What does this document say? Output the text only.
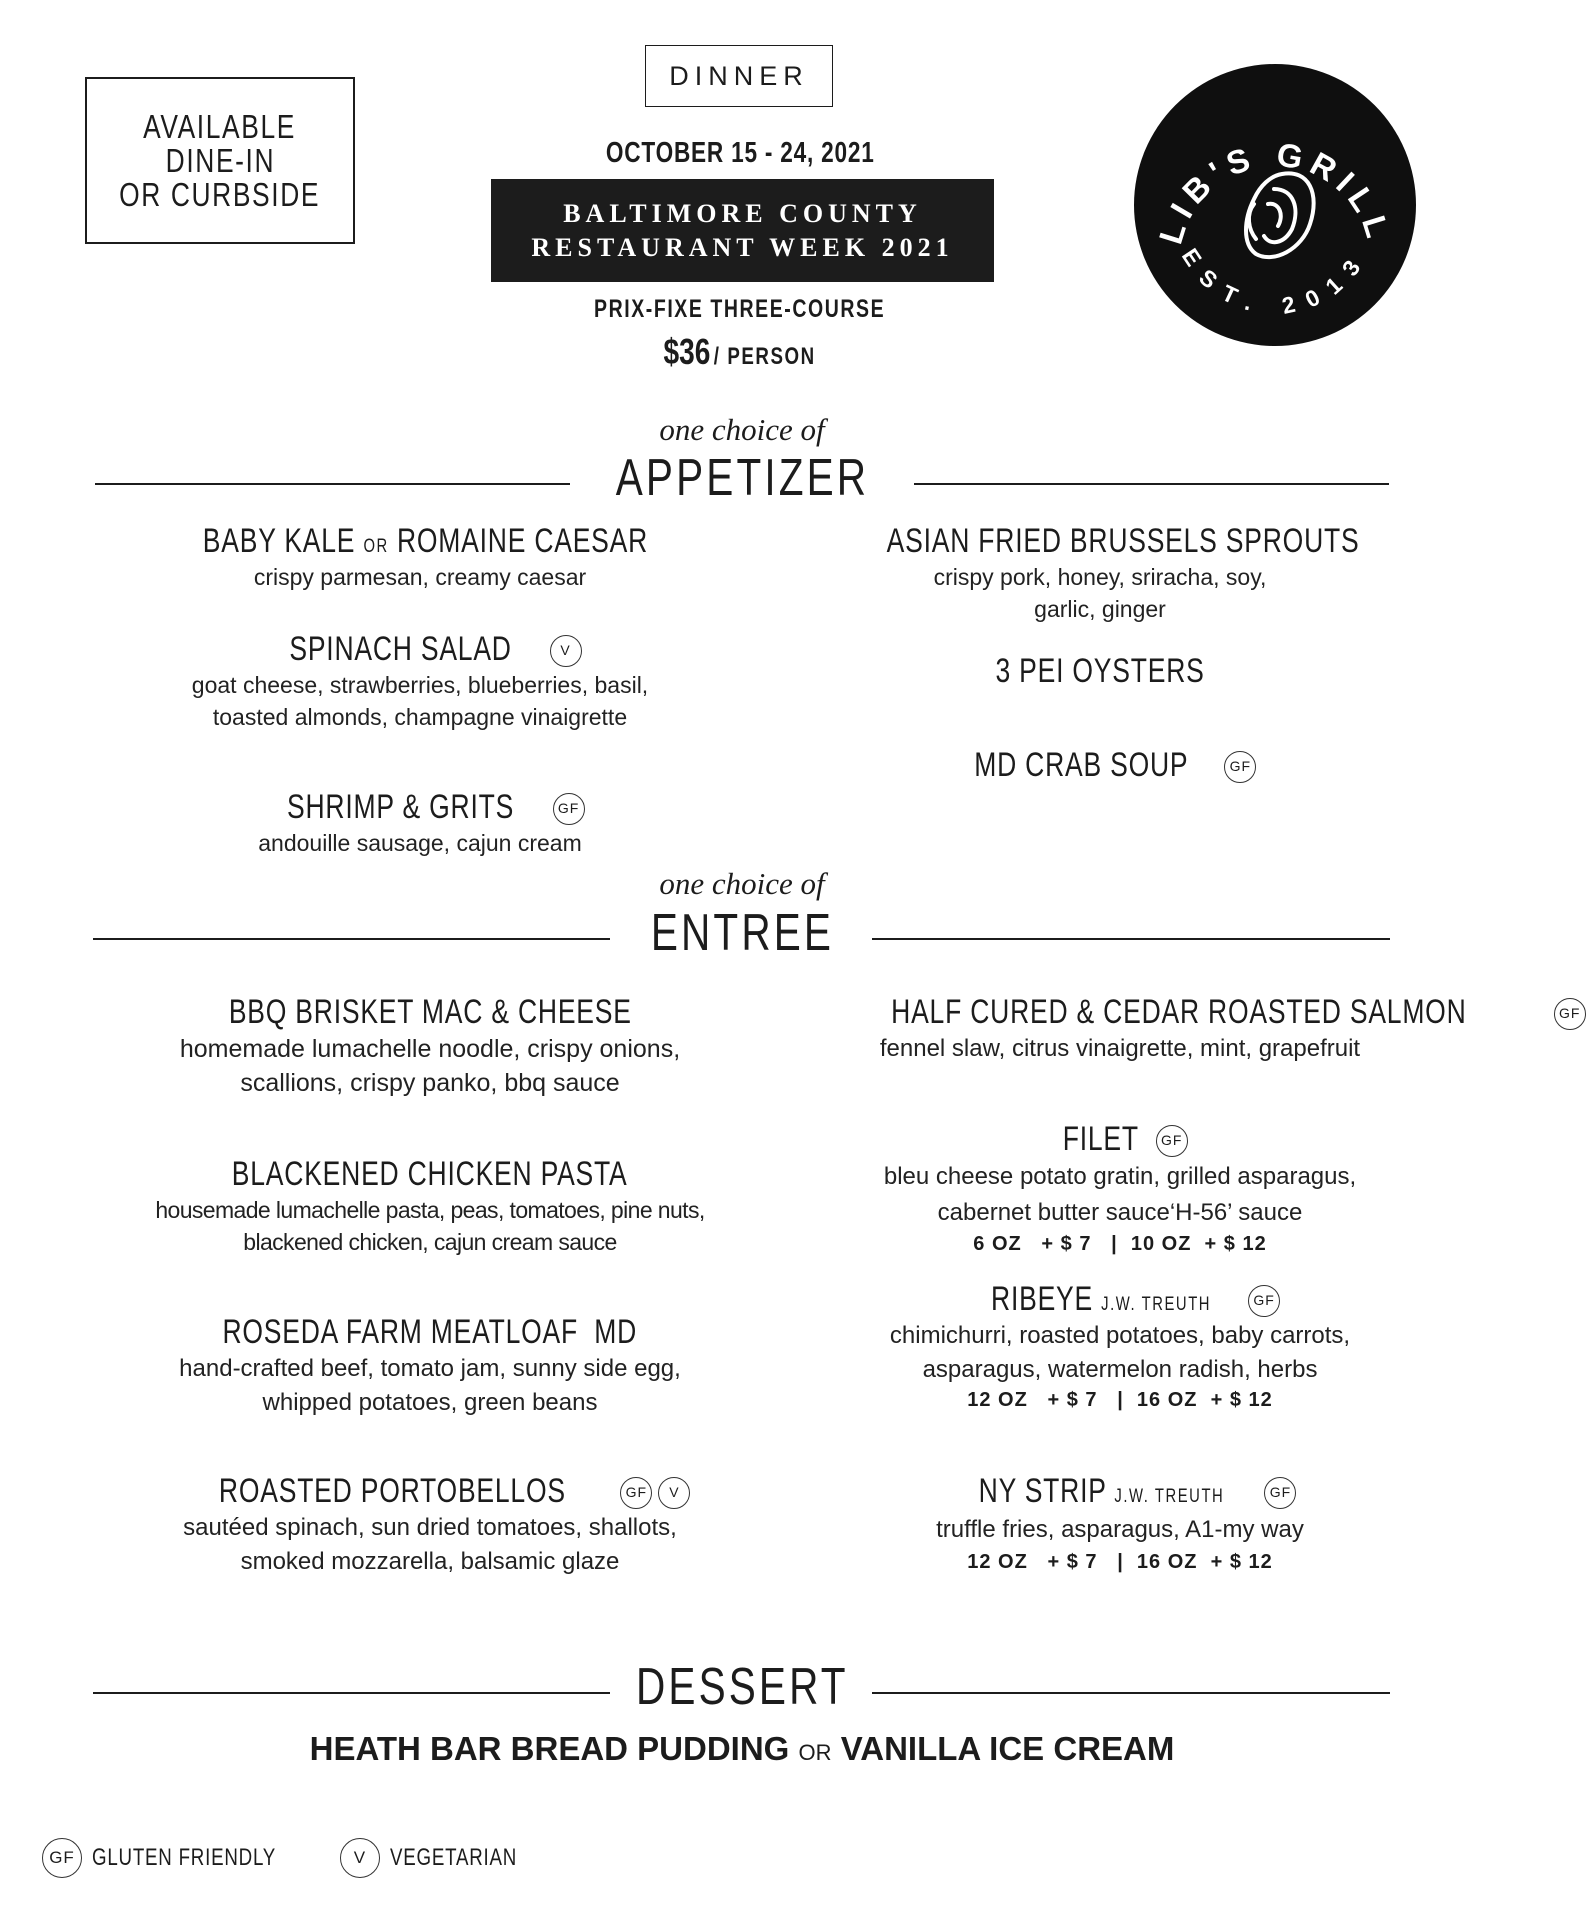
AVAILABLE
DINE-IN
OR CURBSIDE
DINNER
OCTOBER 15 - 24, 2021
BALTIMORE COUNTY
RESTAURANT WEEK 2021
PRIX-FIXE THREE-COURSE
$36 / PERSON
LIB'S GRILL
EST. 2013
one choice of
APPETIZER
BABY KALE OR ROMAINE CAESAR
crispy parmesan, creamy caesar
SPINACH SALAD	V
goat cheese, strawberries, blueberries, basil,
toasted almonds, champagne vinaigrette
SHRIMP & GRITS	GF
andouille sausage, cajun cream
ASIAN FRIED BRUSSELS SPROUTS
crispy pork, honey, sriracha, soy,
garlic, ginger
3 PEI OYSTERS
MD CRAB SOUP	GF
one choice of
ENTREE
BBQ BRISKET MAC & CHEESE
homemade lumachelle noodle, crispy onions,
scallions, crispy panko, bbq sauce
BLACKENED CHICKEN PASTA
housemade lumachelle pasta, peas, tomatoes, pine nuts,
blackened chicken, cajun cream sauce
ROSEDA FARM MEATLOAF  MD
hand-crafted beef, tomato jam, sunny side egg,
whipped potatoes, green beans
ROASTED PORTOBELLOS	GF V
sautéed spinach, sun dried tomatoes, shallots,
smoked mozzarella, balsamic glaze
HALF CURED & CEDAR ROASTED SALMON	GF
fennel slaw, citrus vinaigrette, mint, grapefruit
FILET GF
bleu cheese potato gratin, grilled asparagus,
cabernet butter sauce‘H-56’ sauce
6 OZ   + $ 7   |  10 OZ  + $ 12
RIBEYE J.W. TREUTH	GF
chimichurri, roasted potatoes, baby carrots,
asparagus, watermelon radish, herbs
12 OZ   + $ 7   |  16 OZ  + $ 12
NY STRIP J.W. TREUTH	GF
truffle fries, asparagus, A1-my way
12 OZ   + $ 7   |  16 OZ  + $ 12
DESSERT
HEATH BAR BREAD PUDDING OR VANILLA ICE CREAM
GF GLUTEN FRIENDLY	V VEGETARIAN
